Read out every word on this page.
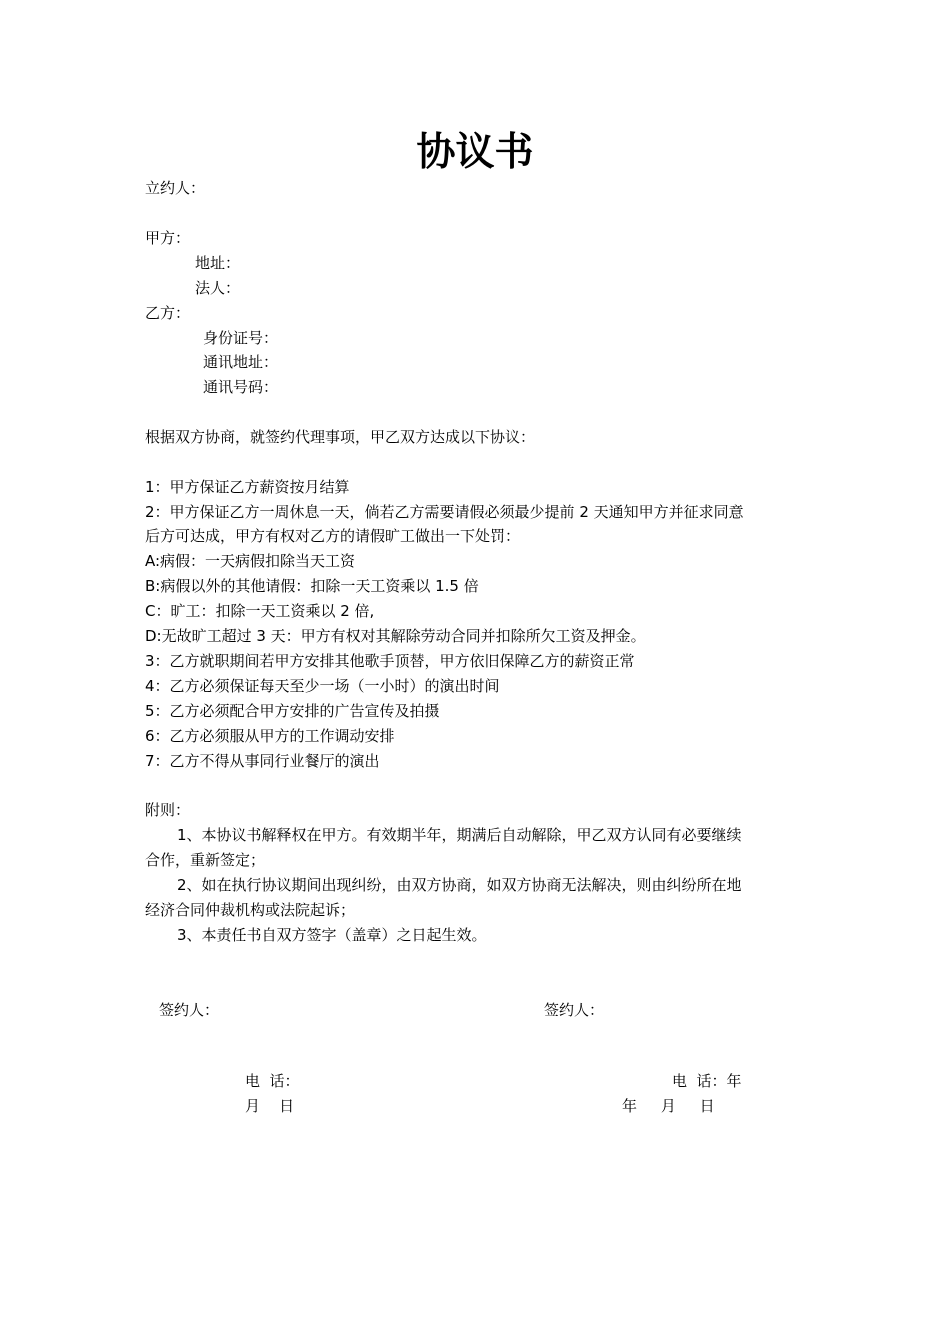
协议书
立约人：
甲方：
地址：
法人：
乙方：
身份证号：
通讯地址：
通讯号码：
根据双方协商，就签约代理事项，甲乙双方达成以下协议：
1：甲方保证乙方薪资按月结算
2：甲方保证乙方一周休息一天，倘若乙方需要请假必须最少提前 2 天通知甲方并征求同意
后方可达成，甲方有权对乙方的请假旷工做出一下处罚：
A:病假：一天病假扣除当天工资
B:病假以外的其他请假：扣除一天工资乘以 1.5 倍
C：旷工：扣除一天工资乘以 2 倍,
D:无故旷工超过 3 天：甲方有权对其解除劳动合同并扣除所欠工资及押金。
3：乙方就职期间若甲方安排其他歌手顶替，甲方依旧保障乙方的薪资正常
4：乙方必须保证每天至少一场（一小时）的演出时间
5：乙方必须配合甲方安排的广告宣传及拍摄
6：乙方必须服从甲方的工作调动安排
7：乙方不得从事同行业餐厅的演出
附则：
1、本协议书解释权在甲方。有效期半年，期满后自动解除，甲乙双方认同有必要继续
合作，重新签定；
2、如在执行协议期间出现纠纷，由双方协商，如双方协商无法解决，则由纠纷所在地
经济合同仲裁机构或法院起诉；
3、本责任书自双方签字（盖章）之日起生效。
签约人：	签约人：
电  话：	电  话：年
月    日	年     月     日
